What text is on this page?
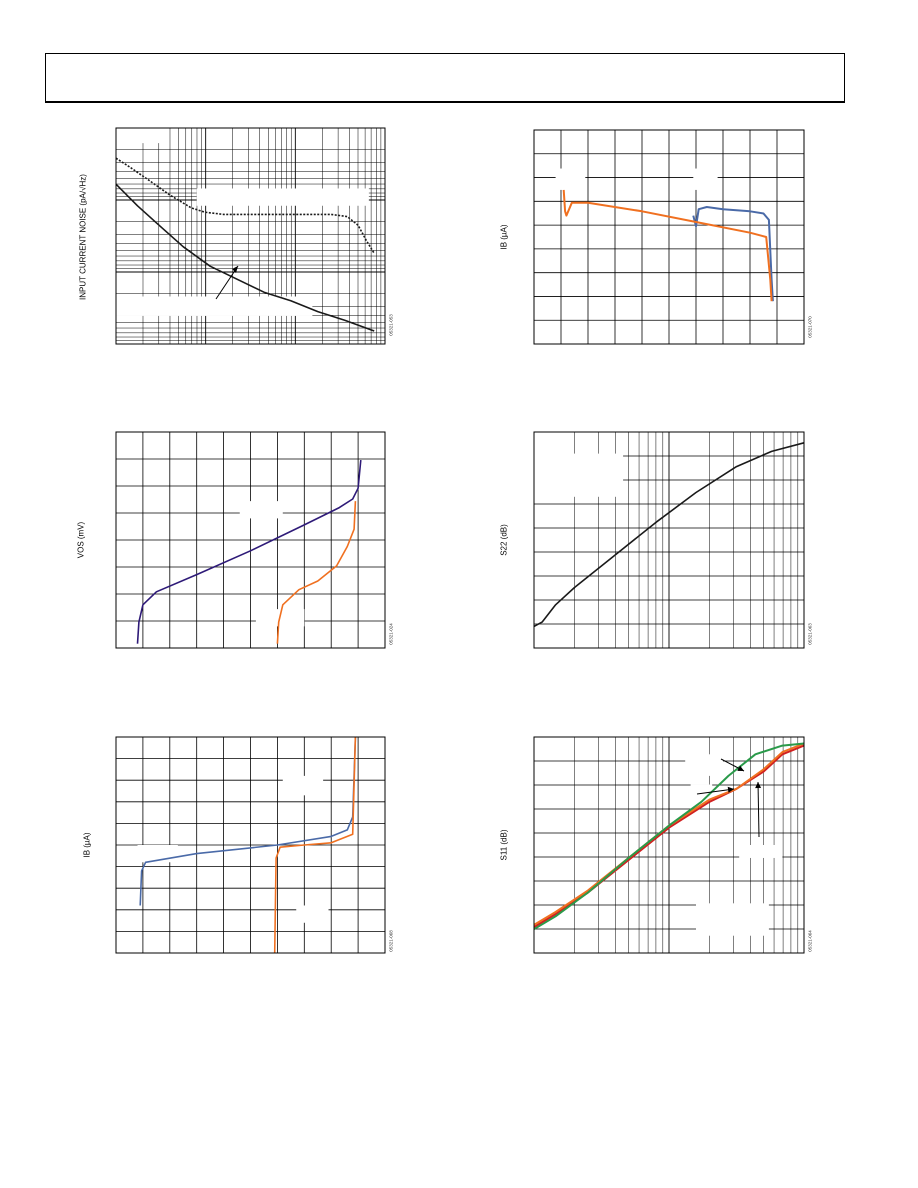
INPUT CURRENT NOISE (pA/√Hz)
05321-053
IB (µA)
05321-070
VOS (mV)
05321-024
S22 (dB)
05321-063
IB (µA)
05321-068
S11 (dB)
05321-064
